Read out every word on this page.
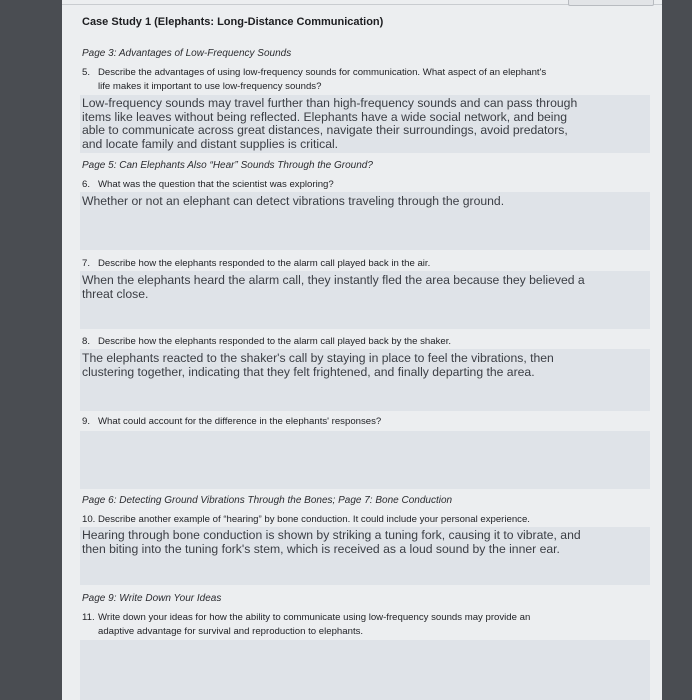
Case Study 1 (Elephants: Long-Distance Communication)
Page 3: Advantages of Low-Frequency Sounds
5. Describe the advantages of using low-frequency sounds for communication. What aspect of an elephant's
life makes it important to use low-frequency sounds?
Low-frequency sounds may travel further than high-frequency sounds and can pass through
items like leaves without being reflected. Elephants have a wide social network, and being
able to communicate across great distances, navigate their surroundings, avoid predators,
and locate family and distant supplies is critical.
Page 5: Can Elephants Also “Hear” Sounds Through the Ground?
6. What was the question that the scientist was exploring?
Whether or not an elephant can detect vibrations traveling through the ground.
7. Describe how the elephants responded to the alarm call played back in the air.
When the elephants heard the alarm call, they instantly fled the area because they believed a
threat close.
8. Describe how the elephants responded to the alarm call played back by the shaker.
The elephants reacted to the shaker's call by staying in place to feel the vibrations, then
clustering together, indicating that they felt frightened, and finally departing the area.
9. What could account for the difference in the elephants' responses?
Page 6: Detecting Ground Vibrations Through the Bones; Page 7: Bone Conduction
10. Describe another example of “hearing” by bone conduction. It could include your personal experience.
Hearing through bone conduction is shown by striking a tuning fork, causing it to vibrate, and
then biting into the tuning fork's stem, which is received as a loud sound by the inner ear.
Page 9: Write Down Your Ideas
11. Write down your ideas for how the ability to communicate using low-frequency sounds may provide an
adaptive advantage for survival and reproduction to elephants.
